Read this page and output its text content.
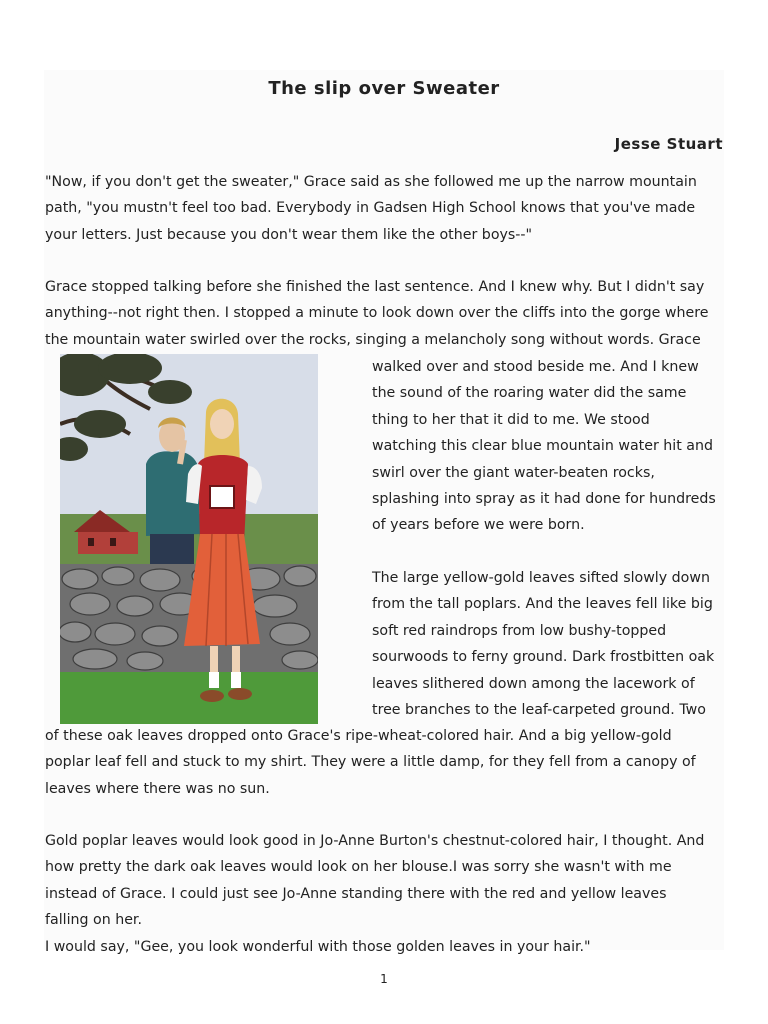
The slip over Sweater
Jesse Stuart
"Now, if you don't get the sweater," Grace said as she followed me up the narrow mountain
path, "you mustn't feel too bad. Everybody in Gadsen High School knows that you've made
your letters. Just because you don't wear them like the other boys--"
Grace stopped talking before she finished the last sentence. And I knew why. But I didn't say
anything--not right then. I stopped a minute to look down over the cliffs into the gorge where
the mountain water swirled over the rocks, singing a melancholy song without words. Grace
walked over and stood beside me. And I knew
the sound of the roaring water did the same
thing to her that it did to me. We stood
watching this clear blue mountain water hit and
swirl over the giant water-beaten rocks,
splashing into spray as it had done for hundreds
of years before we were born.
The large yellow-gold leaves sifted slowly down
from the tall poplars. And the leaves fell like big
soft red raindrops from low bushy-topped
sourwoods to ferny ground. Dark frostbitten oak
leaves slithered down among the lacework of
tree branches to the leaf-carpeted ground. Two
of these oak leaves dropped onto Grace's ripe-wheat-colored hair. And a big yellow-gold
poplar leaf fell and stuck to my shirt. They were a little damp, for they fell from a canopy of
leaves where there was no sun.
Gold poplar leaves would look good in Jo-Anne Burton's chestnut-colored hair, I thought. And
how pretty the dark oak leaves would look on her blouse.I was sorry she wasn't with me
instead of Grace. I could just see Jo-Anne standing there with the red and yellow leaves
falling on her.
I would say, "Gee, you look wonderful with those golden leaves in your hair."
1
